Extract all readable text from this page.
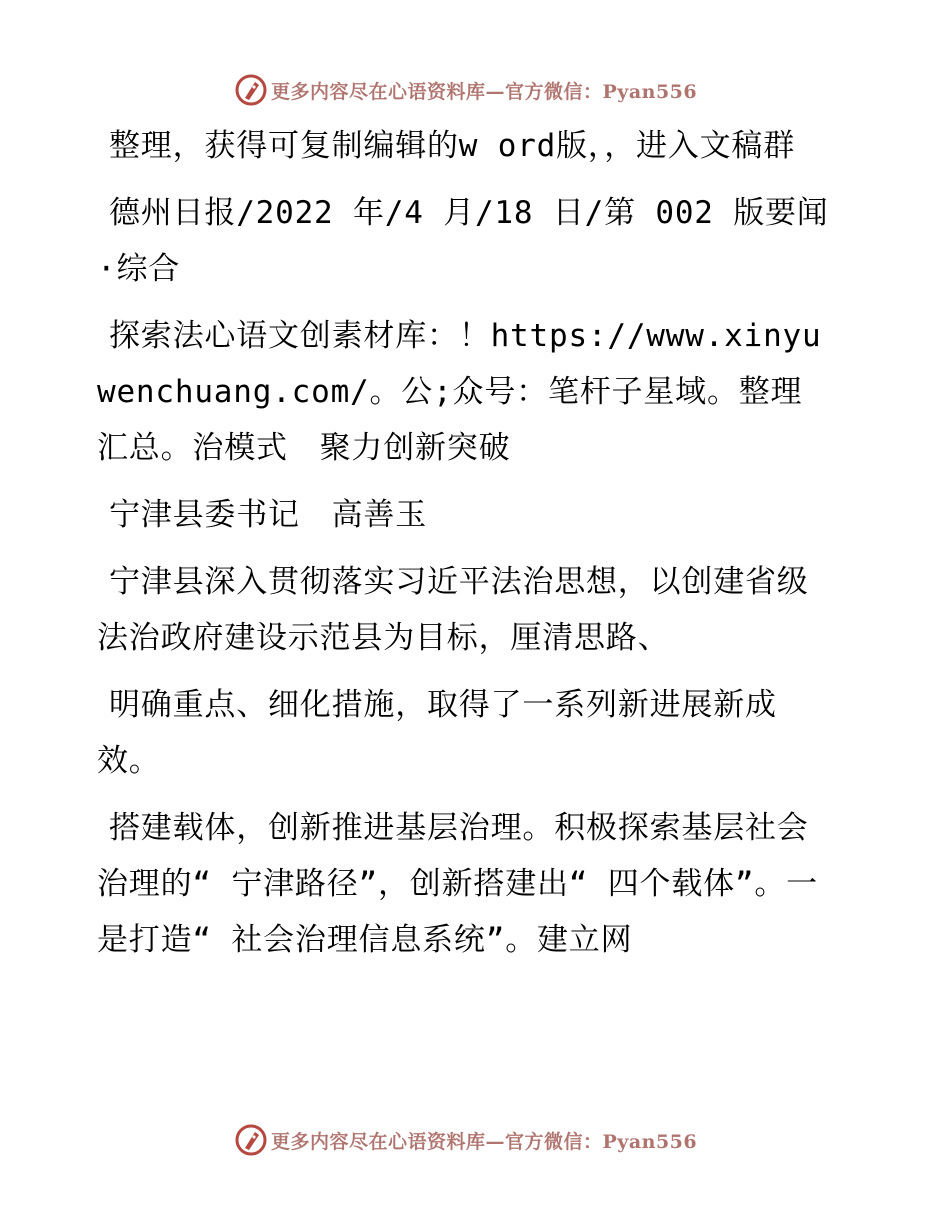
更多内容尽在心语资料库—官方微信：Pyan556

整理，获得可复制编辑的w ord版，，进入文稿群

德州日报/2022 年/4 月/18 日/第 002 版要闻·综合

探索法心语文创素材库：！https://www.xinyuwenchuang.com/。公;众号：笔杆子星域。整理汇总。治模式　聚力创新突破

宁津县委书记　高善玉

宁津县深入贯彻落实习近平法治思想，以创建省级法治政府建设示范县为目标，厘清思路、

明确重点、细化措施，取得了一系列新进展新成效。

搭建载体，创新推进基层治理。积极探索基层社会治理的“ 宁津路径”，创新搭建出“ 四个载体”。一是打造“ 社会治理信息系统”。建立网

更多内容尽在心语资料库—官方微信：Pyan556
